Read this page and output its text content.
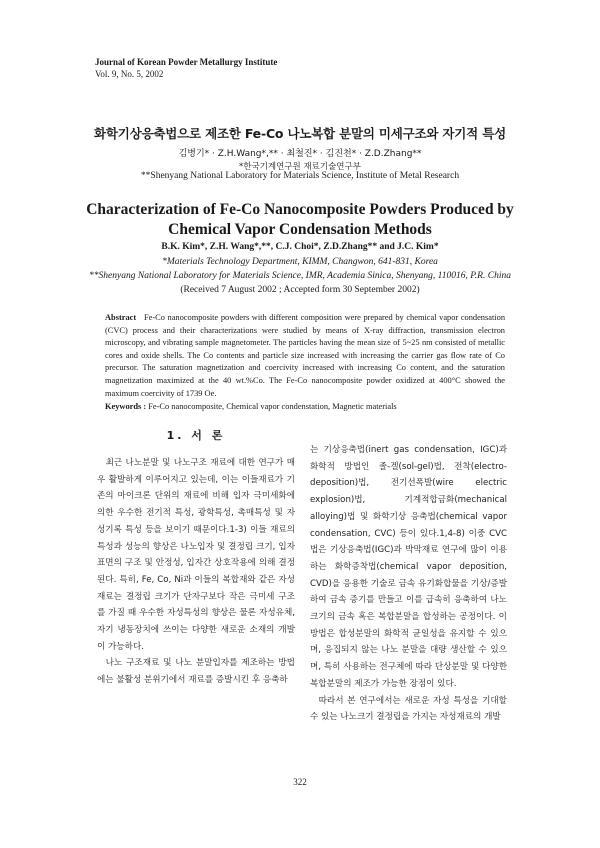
Journal of Korean Powder Metallurgy Institute
Vol. 9, No. 5, 2002
화학기상응축법으로 제조한 Fe-Co 나노복합 분말의 미세구조와 자기적 특성
김병기* · Z.H.Wang*,** · 최철진* · 김진천* · Z.D.Zhang**
*한국기계연구원 재료기술연구부
**Shenyang National Laboratory for Materials Science, Institute of Metal Research
Characterization of Fe-Co Nanocomposite Powders Produced by
Chemical Vapor Condensation Methods
B.K. Kim*, Z.H. Wang*,**, C.J. Choi*, Z.D.Zhang** and J.C. Kim*
*Materials Technology Department, KIMM, Changwon, 641-831, Korea
**Shenyang National Laboratory for Materials Science, IMR, Academia Sinica, Shenyang, 110016, P.R. China
(Received 7 August 2002 ; Accepted form 30 September 2002)
Abstract Fe-Co nanocomposite powders with different composition were prepared by chemical vapor condensation (CVC) process and their characterizations were studied by means of X-ray diffraction, transmission electron microscopy, and vibrating sample magnetometer. The particles having the mean size of 5~25 nm consisted of metallic cores and oxide shells. The Co contents and particle size increased with increasing the carrier gas flow rate of Co precursor. The saturation magnetization and coercivity increased with increasing Co content, and the saturation magnetization maximized at the 40 wt.%Co. The Fe-Co nanocomposite powder oxidized at 400°C showed the maximum coercivity of 1739 Oe.
Keywords : Fe-Co nanocomposite, Chemical vapor condenstation, Magnetic materials
1. 서 론

최근 나노분말 및 나노구조 재료에 대한 연구가 매우 활발하게 이루어지고 있는데, 이는 이들재료가 기존의 마이크론 단위의 재료에 비해 입자 극미세화에 의한 우수한 전기적 특성, 광학특성, 촉매특성 및 자성기록 특성 등을 보이기 때문이다.1-3) 이들 재료의 특성과 성능의 향상은 나노입자 및 결정립 크기, 입자표면의 구조 및 안정성, 입자간 상호작용에 의해 결정된다. 특히, Fe, Co, Ni과 이들의 복합재와 같은 자성 재료는 결정립 크기가 단자구보다 작은 극미세 구조를 가질 때 우수한 자성특성의 향상은 물론 자성유체, 자기 냉동장치에 쓰이는 다양한 새로운 소재의 개발이 가능하다.

나노 구조재료 및 나노 분말입자를 제조하는 방법에는 불활성 분위기에서 재료를 증발시킨 후 응축하

는 기상응축법(inert gas condensation, IGC)과 화학적 방법인 졸-겔(sol-gel)법, 전착(electro-deposition)법, 전기선폭발(wire electric explosion)법, 기계적합금화(mechanical alloying)법 및 화학기상 응축법(chemical vapor condensation, CVC) 등이 있다.1,4-8) 이중 CVC법은 기상응축법(IGC)과 박막재료 연구에 많이 이용하는 화학증착법(chemical vapor deposition, CVD)을 응용한 기술로 금속 유기화합물을 기상/증발하여 금속 증기를 만들고 이를 급속히 응축하여 나노크기의 금속 혹은 복합분말을 합성하는 공정이다. 이 방법은 합성분말의 화학적 균일성을 유지할 수 있으며, 응집되지 않는 나노 분말을 대량 생산할 수 있으며, 특히 사용하는 전구체에 따라 단상분말 및 다양한 복합분말의 제조가 가능한 장점이 있다.

따라서 본 연구에서는 새로운 자성 특성을 기대할 수 있는 나노크기 결정립을 가지는 자성재료의 개발

322
